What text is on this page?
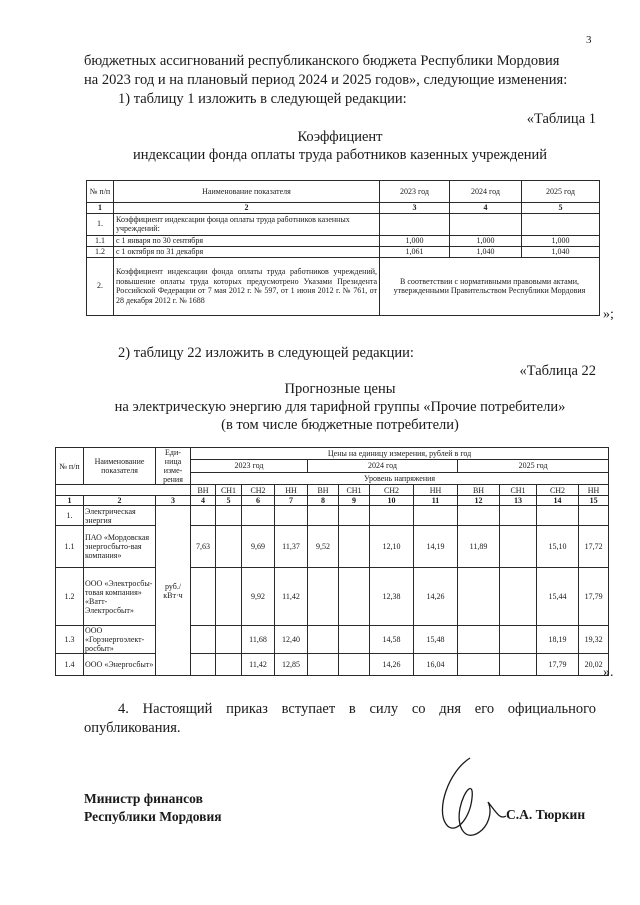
3
бюджетных ассигнований республиканского бюджета Республики Мордовия
на 2023 год и на плановый период 2024 и 2025 годов», следующие изменения:
1) таблицу 1 изложить в следующей редакции:
«Таблица 1
Коэффициент
индексации фонда оплаты труда работников казенных учреждений
№ п/п	Наименование показателя	2023 год	2024 год	2025 год
1	2	3	4	5
1.	Коэффициент индексации фонда оплаты труда работников казенных учреждений:			
1.1	с 1 января по 30 сентября	1,000	1,000	1,000
1.2	с 1 октября по 31 декабря	1,061	1,040	1,040
2.	Коэффициент индексации фонда оплаты труда работников учреждений, повышение оплаты труда которых предусмотрено Указами Президента Российской Федерации от 7 мая 2012 г. № 597, от 1 июня 2012 г. № 761, от 28 декабря 2012 г. № 1688	В соответствии с нормативными правовыми актами, утвержденными Правительством Республики Мордовия		
»;
2) таблицу 22 изложить в следующей редакции:
«Таблица 22
Прогнозные цены
на электрическую энергию для тарифной группы «Прочие потребители»
(в том числе бюджетные потребители)
№ п/п	Наименование показателя	Еди-ница изме-рения	Цены на единицу измерения, рублей в год											
			2023 год				2024 год				2025 год			
			Уровень напряжения											
			ВН	СН1	СН2	НН	ВН	СН1	СН2	НН	ВН	СН1	СН2	НН
1	2	3	4	5	6	7	8	9	10	11	12	13	14	15
1.	Электрическая энергия	руб./ кВт·ч												
1.1	ПАО «Мордовская энергосбыто-вая компания»		7,63		9,69	11,37	9,52		12,10	14,19	11,89		15,10	17,72
1.2	ООО «Электросбы-товая компания» «Ватт-Электросбыт»				9,92	11,42			12,38	14,26			15,44	17,79
1.3	ООО «Горэнергоэлект-росбыт»				11,68	12,40			14,58	15,48			18,19	19,32
1.4	ООО «Энергосбыт»				11,42	12,85			14,26	16,04			17,79	20,02
».
4. Настоящий приказ вступает в силу со дня его официального опубликования.
Министр финансов
Республики Мордовия	С.А. Тюркин
